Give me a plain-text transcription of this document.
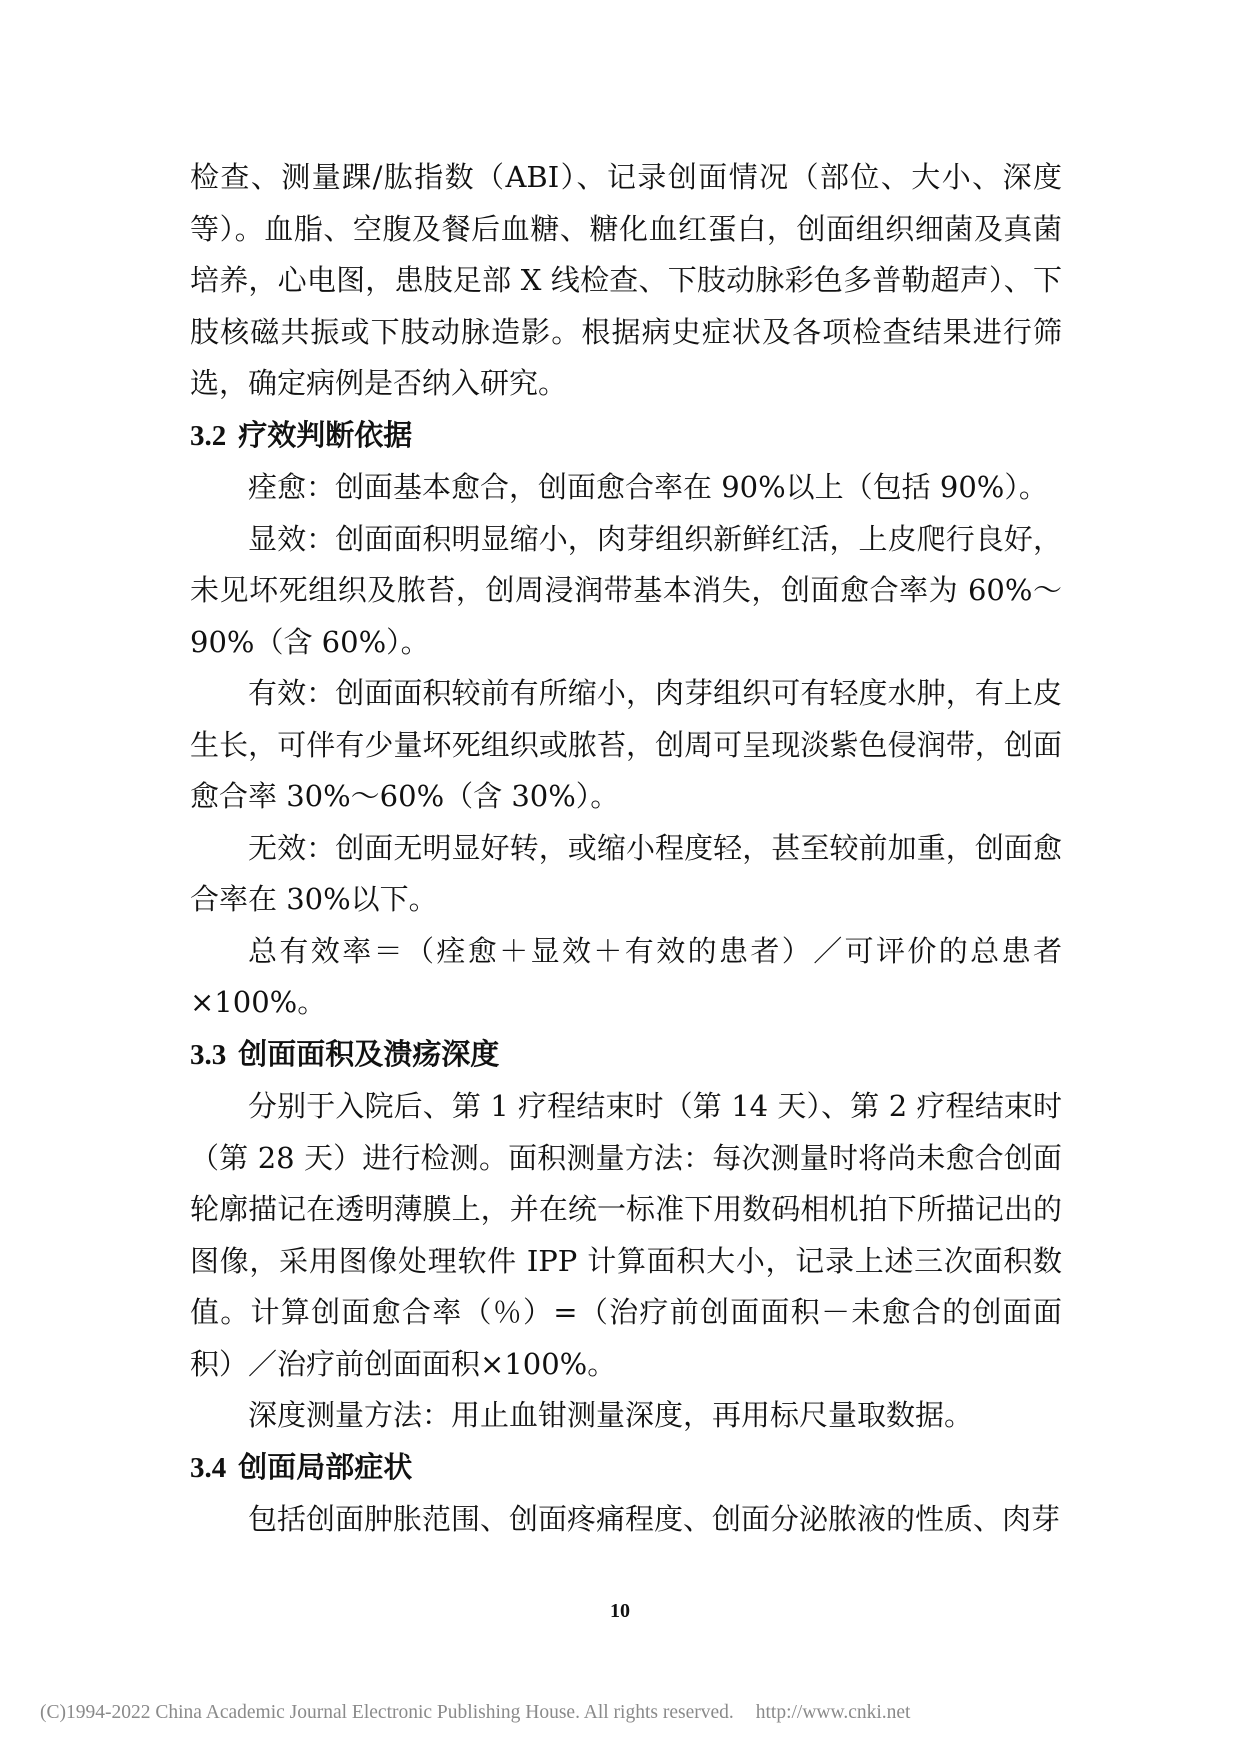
检查、测量踝/肱指数（ABI）、记录创面情况（部位、大小、深度等）。血脂、空腹及餐后血糖、糖化血红蛋白，创面组织细菌及真菌培养，心电图，患肢足部 X 线检查、下肢动脉彩色多普勒超声）、下肢核磁共振或下肢动脉造影。根据病史症状及各项检查结果进行筛选，确定病例是否纳入研究。

3.2 疗效判断依据

痊愈：创面基本愈合，创面愈合率在 90%以上（包括 90%）。

显效：创面面积明显缩小，肉芽组织新鲜红活，上皮爬行良好，未见坏死组织及脓苔，创周浸润带基本消失，创面愈合率为 60%～90%（含 60%）。

有效：创面面积较前有所缩小，肉芽组织可有轻度水肿，有上皮生长，可伴有少量坏死组织或脓苔，创周可呈现淡紫色侵润带，创面愈合率 30%～60%（含 30%）。

无效：创面无明显好转，或缩小程度轻，甚至较前加重，创面愈合率在 30%以下。

总有效率＝（痊愈＋显效＋有效的患者）／可评价的总患者×100%。

3.3 创面面积及溃疡深度

分别于入院后、第 1 疗程结束时（第 14 天）、第 2 疗程结束时（第 28 天）进行检测。面积测量方法：每次测量时将尚未愈合创面轮廓描记在透明薄膜上，并在统一标准下用数码相机拍下所描记出的图像，采用图像处理软件 IPP 计算面积大小，记录上述三次面积数值。计算创面愈合率（％）=（治疗前创面面积－未愈合的创面面积）／治疗前创面面积×100%。

深度测量方法：用止血钳测量深度，再用标尺量取数据。

3.4 创面局部症状

包括创面肿胀范围、创面疼痛程度、创面分泌脓液的性质、肉芽

10
(C)1994-2022 China Academic Journal Electronic Publishing House. All rights reserved. http://www.cnki.net
